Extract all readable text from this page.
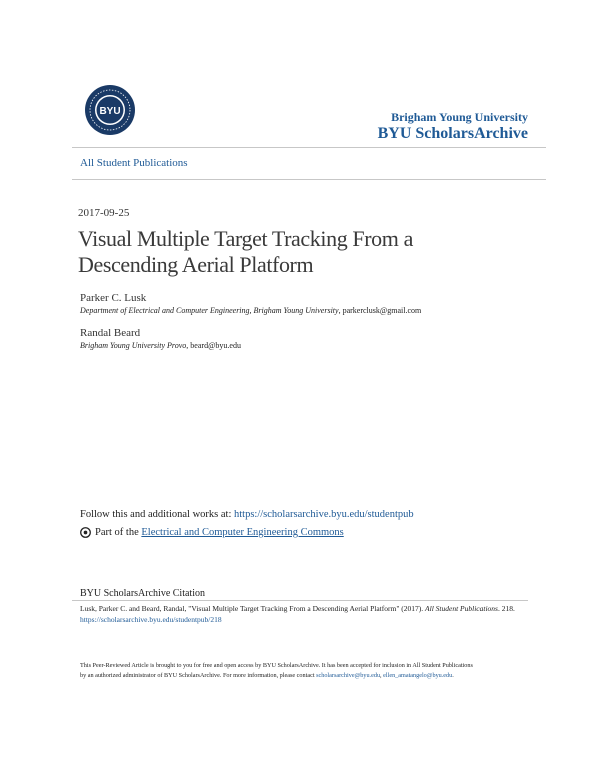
BYU	Brigham Young University
BYU ScholarsArchive
All Student Publications
2017-09-25
Visual Multiple Target Tracking From a Descending Aerial Platform
Parker C. Lusk
Department of Electrical and Computer Engineering, Brigham Young University, parkerclusk@gmail.com
Randal Beard
Brigham Young University Provo, beard@byu.edu
Follow this and additional works at: https://scholarsarchive.byu.edu/studentpub
Part of the Electrical and Computer Engineering Commons
BYU ScholarsArchive Citation
Lusk, Parker C. and Beard, Randal, "Visual Multiple Target Tracking From a Descending Aerial Platform" (2017). All Student Publications. 218.
https://scholarsarchive.byu.edu/studentpub/218
This Peer-Reviewed Article is brought to you for free and open access by BYU ScholarsArchive. It has been accepted for inclusion in All Student Publications by an authorized administrator of BYU ScholarsArchive. For more information, please contact scholarsarchive@byu.edu, ellen_amatangelo@byu.edu.
